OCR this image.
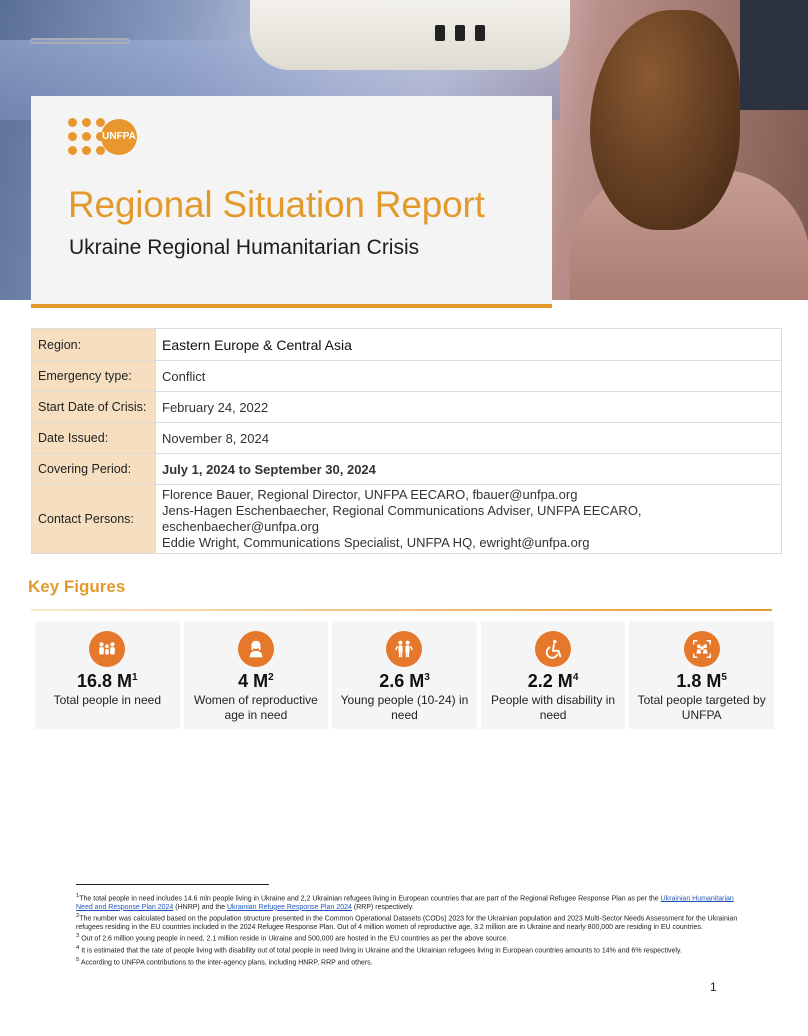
UNFPA
Regional Situation Report
Ukraine Regional Humanitarian Crisis
Region:	Eastern Europe & Central Asia
Emergency type:	Conflict
Start Date of Crisis:	February 24, 2022
Date Issued:	November 8, 2024
Covering Period:	July 1, 2024 to September 30, 2024
Contact Persons:	Florence Bauer, Regional Director, UNFPA EECARO, fbauer@unfpa.org
Jens-Hagen Eschenbaecher, Regional Communications Adviser, UNFPA EECARO,
eschenbaecher@unfpa.org
Eddie Wright, Communications Specialist, UNFPA HQ, ewright@unfpa.org
Key Figures
16.8 $M^1$
Total people in need
4 $M^2$
Women of reproductive age in need
2.6 $M^3$
Young people (10-24) in need
2.2 $M^4$
People with disability in need
1.8 $M^5$
Total people targeted by UNFPA
$^1$The total people in need includes 14.6 mln people living in Ukraine and 2,2 Ukrainian refugees living in European countries that are part of the Regional Refugee Response Plan as per the Ukrainian Humanitarian Need and Response Plan 2024 (HNRP) and the Ukrainian Refugee Response Plan 2024 (RRP) respectively.
$^2$The number was calculated based on the population structure presented in the Common Operational Datasets (CODs) 2023 for the Ukrainian population and 2023 Multi-Sector Needs Assessment for the Ukrainian refugees residing in the EU countries included in the 2024 Refugee Response Plan. Out of 4 million women of reproductive age, 3.2 million are in Ukraine and nearly 800,000 are residing in EU countries.
$^3$ Out of 2.6 million young people in need, 2.1 million reside in Ukraine and 500,000 are hosted in the EU countries as per the above source.
$^4$ It is estimated that the rate of people living with disability out of total people in need living in Ukraine and the Ukrainian refugees living in European countries amounts to 14% and 6% respectively.
$^5$ According to UNFPA contributions to the inter-agency plans, including HNRP, RRP and others.
1
